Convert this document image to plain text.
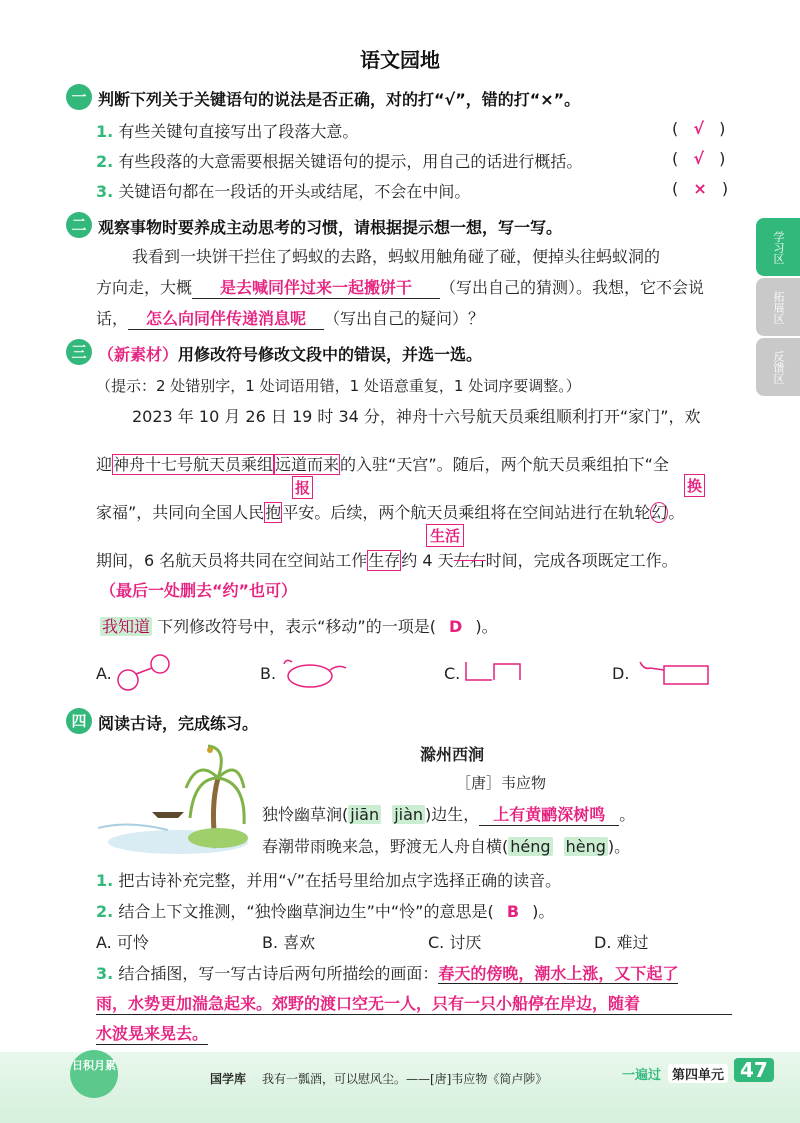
语文园地
学习区
拓展区
反馈区
一 判断下列关于关键语句的说法是否正确，对的打“√”，错的打“×”。
1. 有些关键句直接写出了段落大意。	( √ )
2. 有些段落的大意需要根据关键语句的提示，用自己的话进行概括。	( √ )
3. 关键语句都在一段话的开头或结尾，不会在中间。	( × )
二 观察事物时要养成主动思考的习惯，请根据提示想一想，写一写。
我看到一块饼干拦住了蚂蚁的去路，蚂蚁用触角碰了碰，便掉头往蚂蚁洞的
方向走，大概 是去喊同伴过来一起搬饼干 （写出自己的猜测）。我想，它不会说
话， 怎么向同伴传递消息呢 （写出自己的疑问）？
三 （新素材）用修改符号修改文段中的错误，并选一选。
（提示：2 处错别字，1 处词语用错，1 处语意重复，1 处词序要调整。）
2023 年 10 月 26 日 19 时 34 分，神舟十六号航天员乘组顺利打开“家门”，欢
迎神舟十七号航天员乘组 远道而来的入驻“天宫”。随后，两个航天员乘组拍下“全
报	换
家福”，共同向全国人民抱平安。后续，两个航天员乘组将在空间站进行在轨轮幻。
生活
期间，6 名航天员将共同在空间站工作生存约 4 天左右时间，完成各项既定工作。
（最后一处删去“约”也可）
我知道 下列修改符号中，表示“移动”的一项是( D )。
A.	B.	C.	D.
四 阅读古诗，完成练习。
滁州西涧
［唐］韦应物
独怜幽草涧( jiān jiàn )边生， 上有黄鹂深树鸣 。
春潮带雨晚来急，野渡无人舟自横( héng hèng )。
1. 把古诗补充完整，并用“√”在括号里给加点字选择正确的读音。
2. 结合上下文推测，“独怜幽草涧边生”中“怜”的意思是( B )。
A. 可怜	B. 喜欢	C. 讨厌	D. 难过
3. 结合插图，写一写古诗后两句所描绘的画面：春天的傍晚，潮水上涨，又下起了
雨，水势更加湍急起来。郊野的渡口空无一人，只有一只小船停在岸边，随着
水波晃来晃去。
日积月累
国学库 我有一瓢酒，可以慰风尘。——[唐]韦应物《简卢陟》	一遍过 第四单元 47
